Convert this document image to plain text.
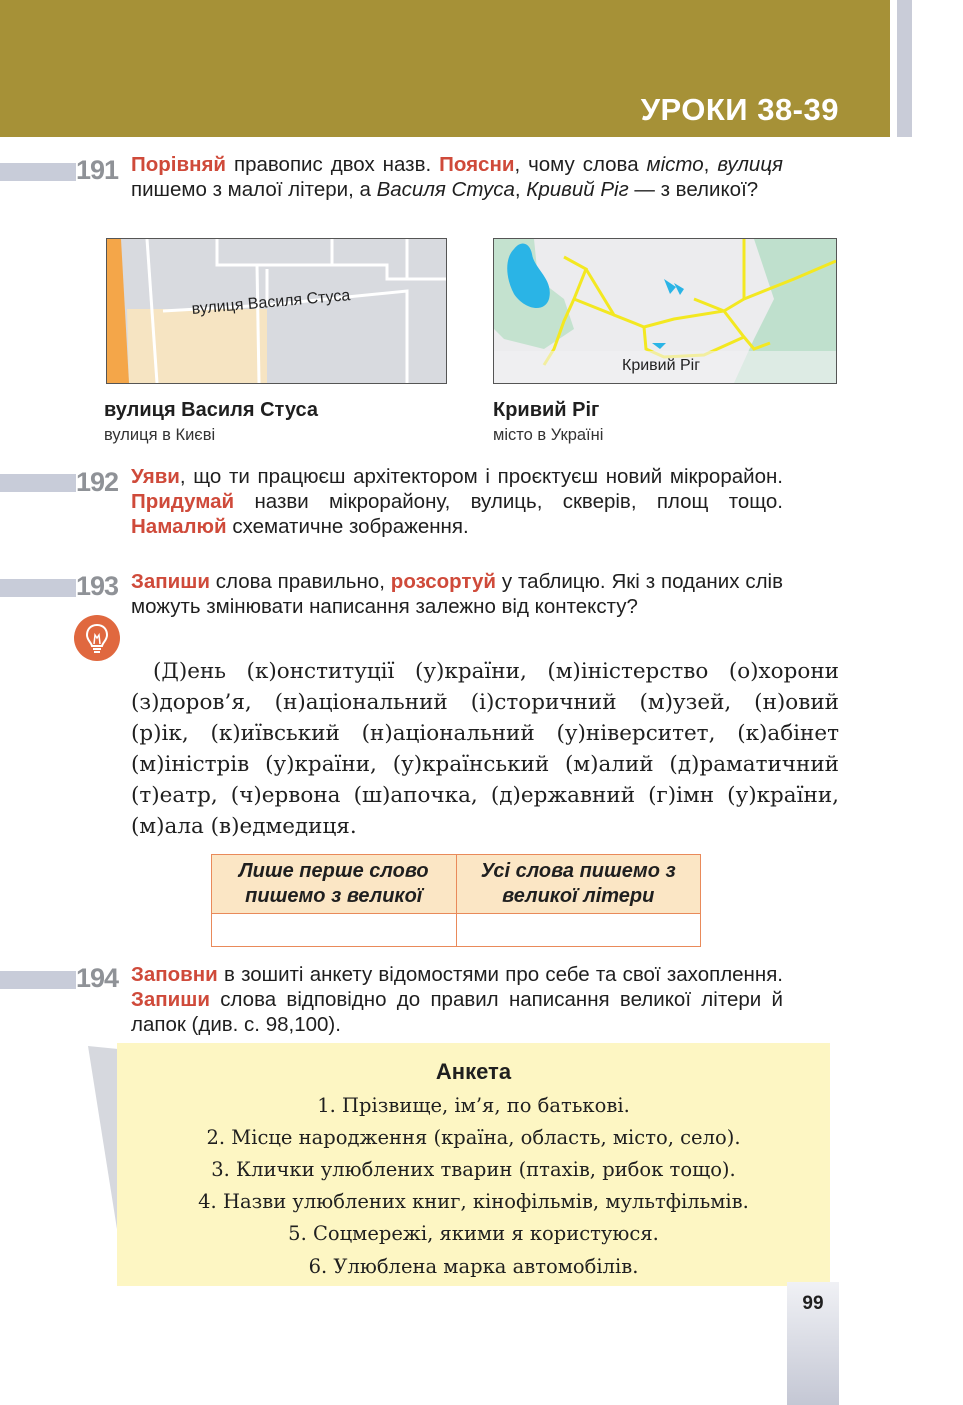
УРОКИ 38-39
191 Порівняй правопис двох назв. Поясни, чому слова місто, вулиця пишемо з малої літери, а Василя Стуса, Кривий Ріг — з великої?
вулиця Василя Стуса
Кривий Ріг
вулиця Василя Стуса
вулиця в Києві
Кривий Ріг
місто в Україні
192 Уяви, що ти працюєш архітектором і проєктуєш новий мікрорайон. Придумай назви мікрорайону, вулиць, скверів, площ тощо. Намалюй схематичне зображення.
193 Запиши слова правильно, розсортуй у таблицю. Які з поданих слів можуть змінювати написання залежно від контексту?
(Д)ень (к)онституції (у)країни, (м)іністерство (о)хорони (з)доров’я, (н)аціональний (і)сторичний (м)узей, (н)овий (р)ік, (к)иївський (н)аціональний (у)ніверситет, (к)абінет (м)іністрів (у)країни, (у)країнський (м)алий (д)раматичний (т)еатр, (ч)ервона (ш)апочка, (д)ержавний (г)імн (у)країни, (м)ала (в)едмедиця.
Лише перше слово пишемо з великої	Усі слова пишемо з великої літери

194 Заповни в зошиті анкету відомостями про себе та свої захоплення. Запиши слова відповідно до правил написання великої літери й лапок (див. с. 98,100).
Анкета
1. Прізвище, ім’я, по батькові.
2. Місце народження (країна, область, місто, село).
3. Клички улюблених тварин (птахів, рибок тощо).
4. Назви улюблених книг, кінофільмів, мультфільмів.
5. Соцмережі, якими я користуюся.
6. Улюблена марка автомобілів.
99
